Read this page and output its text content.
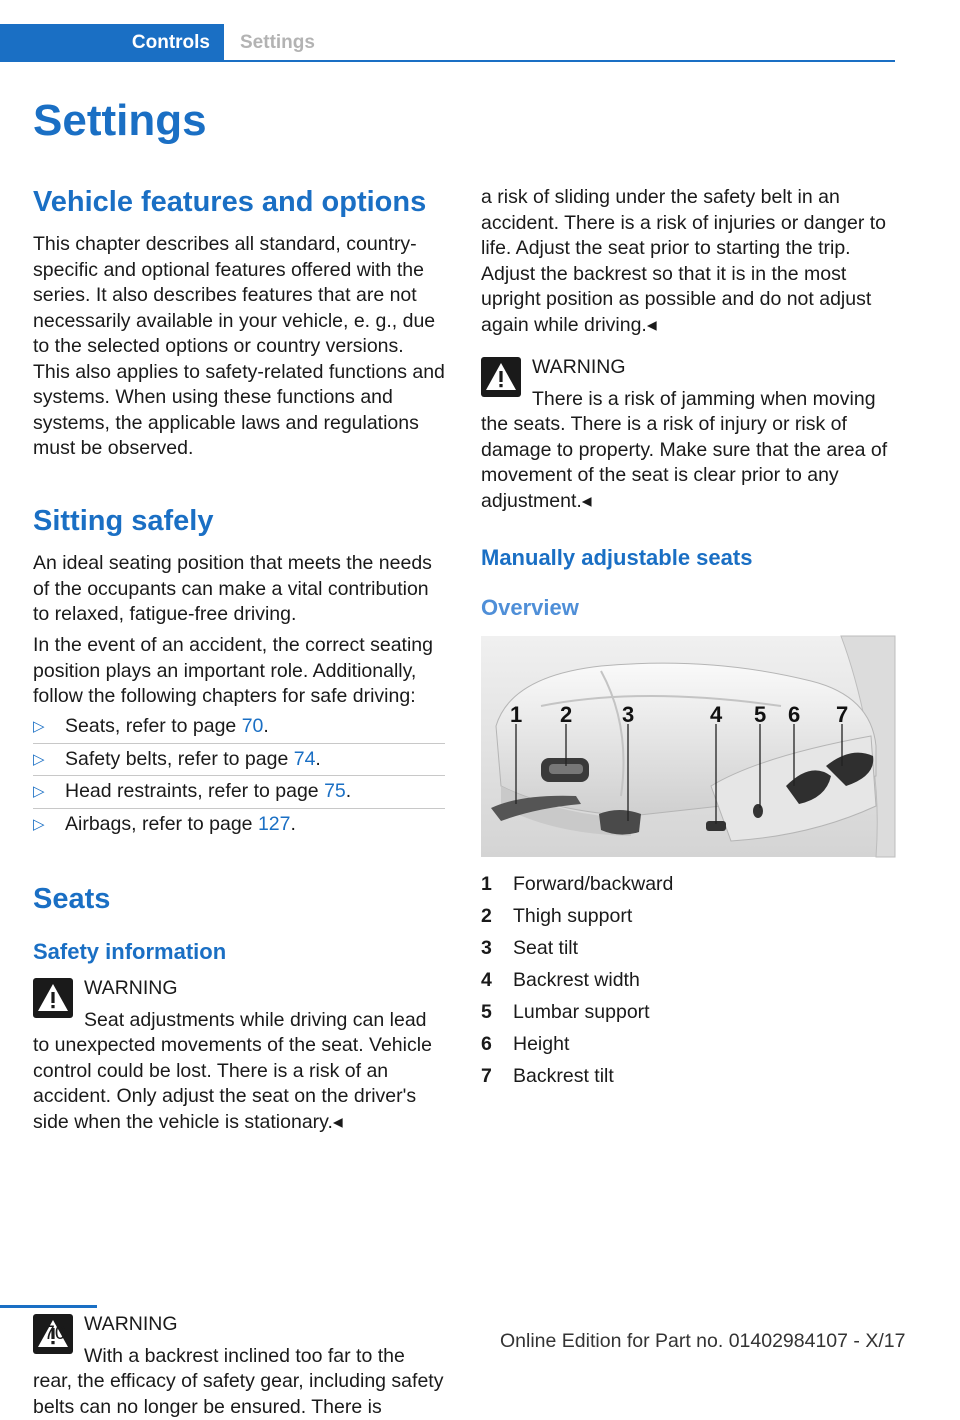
Controls	Settings
Settings
Vehicle features and options

This chapter describes all standard, country-specific and optional features offered with the series. It also describes features that are not necessarily available in your vehicle, e. g., due to the selected options or country versions. This also applies to safety-related functions and systems. When using these functions and systems, the applicable laws and regulations must be observed.

Sitting safely

An ideal seating position that meets the needs of the occupants can make a vital contribution to relaxed, fatigue-free driving.

In the event of an accident, the correct seating position plays an important role. Additionally, follow the following chapters for safe driving:

▷ Seats, refer to page 70.
▷ Safety belts, refer to page 74.
▷ Head restraints, refer to page 75.
▷ Airbags, refer to page 127.
Seats
Safety information

WARNING

Seat adjustments while driving can lead

to unexpected movements of the seat. Vehicle control could be lost. There is a risk of an accident. Only adjust the seat on the driver's side when the vehicle is stationary.◂

WARNING

With a backrest inclined too far to the

rear, the efficacy of safety gear, including safety belts can no longer be ensured. There is

a risk of sliding under the safety belt in an accident. There is a risk of injuries or danger to life. Adjust the seat prior to starting the trip. Adjust the backrest so that it is in the most upright position as possible and do not adjust again while driving.◂

WARNING

There is a risk of jamming when moving

the seats. There is a risk of injury or risk of damage to property. Make sure that the area of movement of the seat is clear prior to any adjustment.◂

Manually adjustable seats
Overview
1 2 3	4 5 6 7
1	Forward/backward
2	Thigh support
3	Seat tilt
4	Backrest width
5	Lumbar support
6	Height
7	Backrest tilt
70	Online Edition for Part no. 01402984107 - X/17
